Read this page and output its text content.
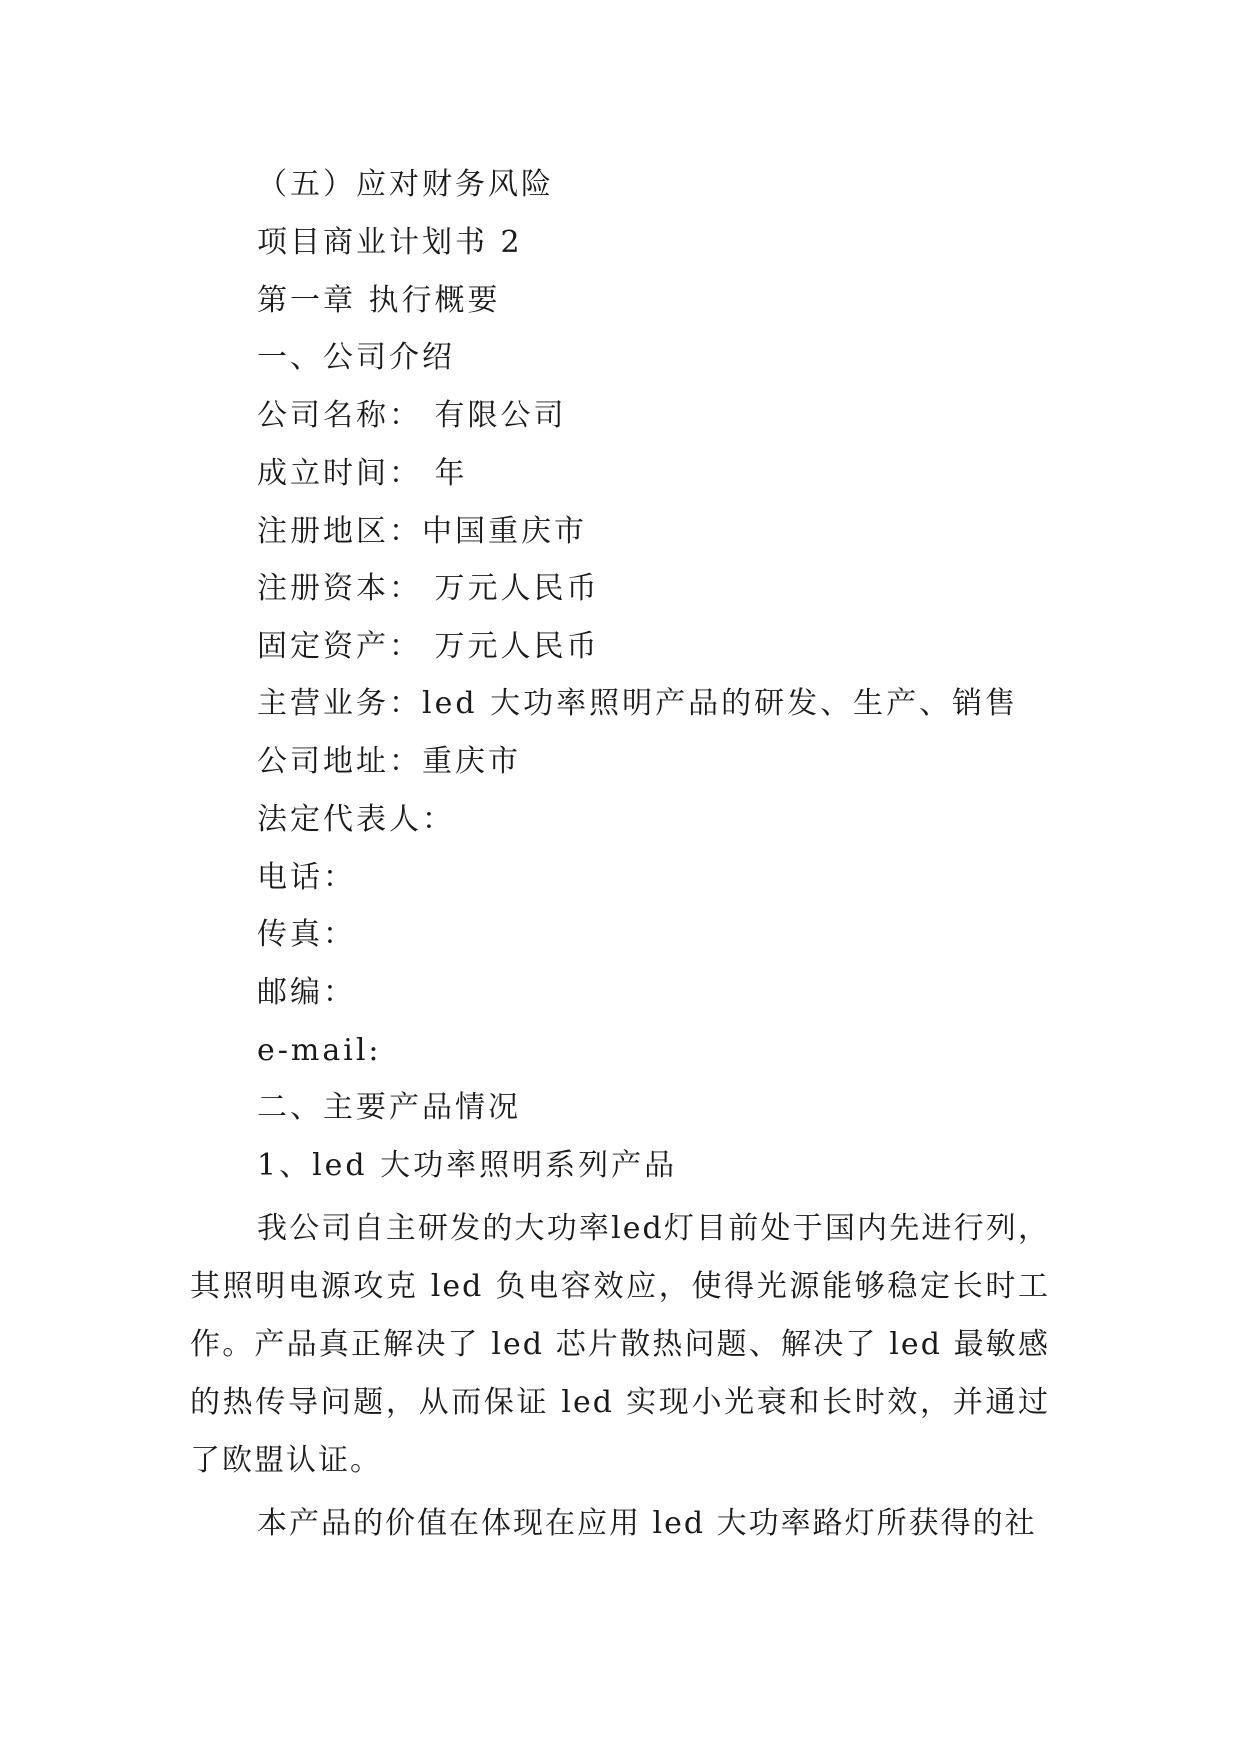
（五）应对财务风险
项目商业计划书 2
第一章 执行概要
一、公司介绍
公司名称： 有限公司
成立时间： 年
注册地区：中国重庆市
注册资本： 万元人民币
固定资产： 万元人民币
主营业务：led 大功率照明产品的研发、生产、销售
公司地址：重庆市
法定代表人：
电话：
传真：
邮编：
e-mail:
二、主要产品情况
1、led 大功率照明系列产品
我公司自主研发的大功率led灯目前处于国内先进行列，其照明电源攻克 led 负电容效应，使得光源能够稳定长时工作。产品真正解决了 led 芯片散热问题、解决了 led 最敏感的热传导问题，从而保证 led 实现小光衰和长时效，并通过了欧盟认证。
本产品的价值在体现在应用 led 大功率路灯所获得的社
